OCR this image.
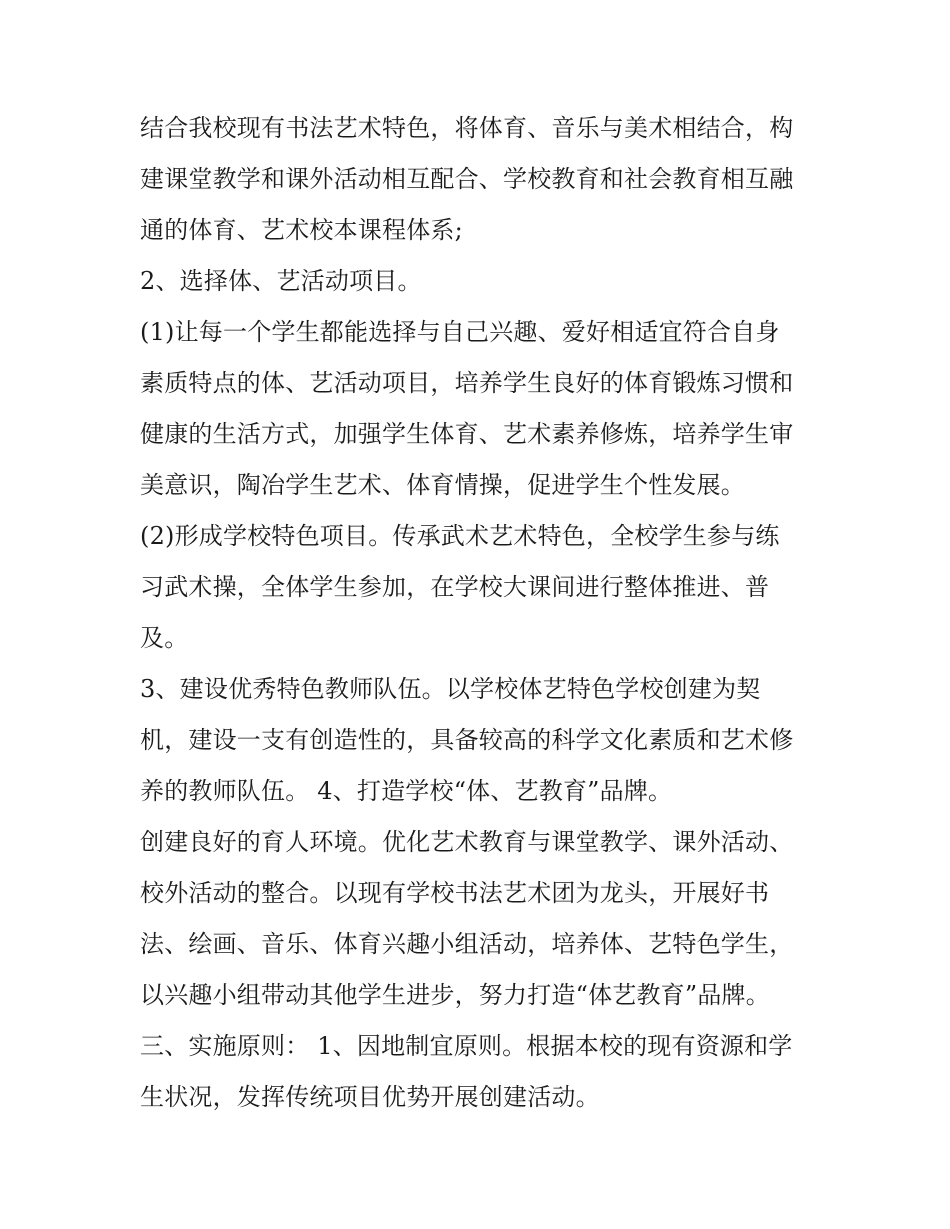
结合我校现有书法艺术特色，将体育、音乐与美术相结合，构
建课堂教学和课外活动相互配合、学校教育和社会教育相互融
通的体育、艺术校本课程体系;
2、选择体、艺活动项目。
(1)让每一个学生都能选择与自己兴趣、爱好相适宜符合自身
素质特点的体、艺活动项目，培养学生良好的体育锻炼习惯和
健康的生活方式，加强学生体育、艺术素养修炼，培养学生审
美意识，陶冶学生艺术、体育情操，促进学生个性发展。
(2)形成学校特色项目。传承武术艺术特色，全校学生参与练
习武术操，全体学生参加，在学校大课间进行整体推进、普
及。
3、建设优秀特色教师队伍。以学校体艺特色学校创建为契
机，建设一支有创造性的，具备较高的科学文化素质和艺术修
养的教师队伍。 4、打造学校“体、艺教育”品牌。
创建良好的育人环境。优化艺术教育与课堂教学、课外活动、
校外活动的整合。以现有学校书法艺术团为龙头，开展好书
法、绘画、音乐、体育兴趣小组活动，培养体、艺特色学生，
以兴趣小组带动其他学生进步，努力打造“体艺教育”品牌。
三、实施原则： 1、因地制宜原则。根据本校的现有资源和学
生状况，发挥传统项目优势开展创建活动。
